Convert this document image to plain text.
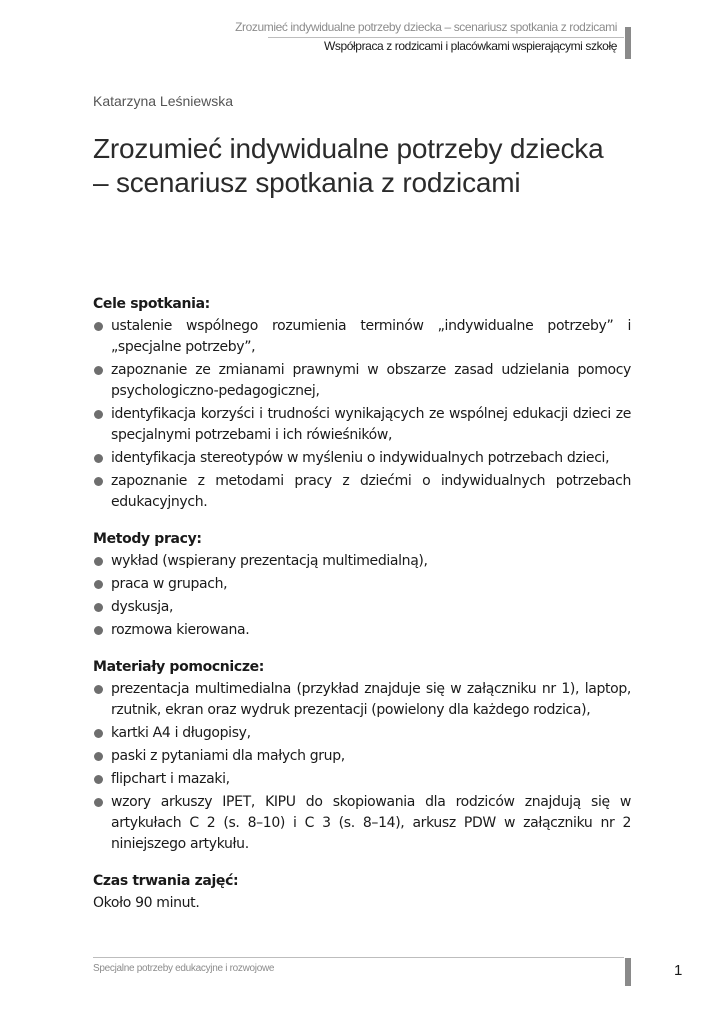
Zrozumieć indywidualne potrzeby dziecka – scenariusz spotkania z rodzicami
Współpraca z rodzicami i placówkami wspierającymi szkołę
Katarzyna Leśniewska
Zrozumieć indywidualne potrzeby dziecka
– scenariusz spotkania z rodzicami
Cele spotkania:
ustalenie wspólnego rozumienia terminów „indywidualne potrzeby” i „specjalne potrzeby”,
zapoznanie ze zmianami prawnymi w obszarze zasad udzielania pomocy psychologiczno-pedagogicznej,
identyfikacja korzyści i trudności wynikających ze wspólnej edukacji dzieci ze specjalnymi potrzebami i ich rówieśników,
identyfikacja stereotypów w myśleniu o indywidualnych potrzebach dzieci,
zapoznanie z metodami pracy z dziećmi o indywidualnych potrzebach edukacyjnych.
Metody pracy:
wykład (wspierany prezentacją multimedialną),
praca w grupach,
dyskusja,
rozmowa kierowana.
Materiały pomocnicze:
prezentacja multimedialna (przykład znajduje się w załączniku nr 1), laptop, rzutnik, ekran oraz wydruk prezentacji (powielony dla każdego rodzica),
kartki A4 i długopisy,
paski z pytaniami dla małych grup,
flipchart i mazaki,
wzory arkuszy IPET, KIPU do skopiowania dla rodziców znajdują się w artykułach C 2 (s. 8–10) i C 3 (s. 8–14), arkusz PDW w załączniku nr 2 niniejszego artykułu.
Czas trwania zajęć:

Około 90 minut.

Specjalne potrzeby edukacyjne i rozwojowe	1
